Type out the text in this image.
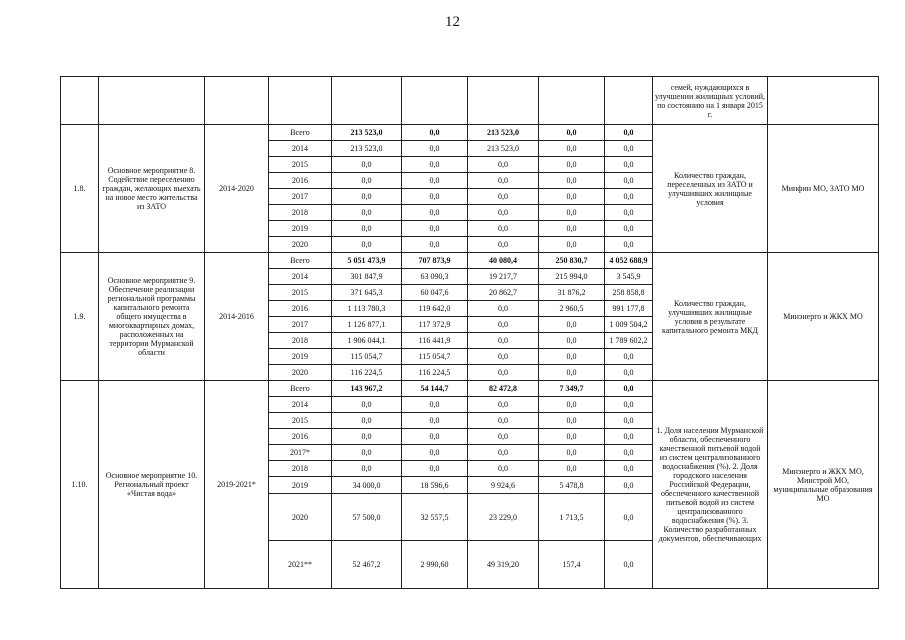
12
									семей, нуждающихся в улучшении жилищных условий, по состоянию на 1 января 2015 г.	
1.8.	Основное мероприятие 8. Содействие переселению граждан, желающих выехать на новое место жительства из ЗАТО	2014-2020	Всего	213 523,0	0,0	213 523,0	0,0	0,0	Количество граждан, переселенных из ЗАТО и улучшивших жилищные условия	Минфин МО, ЗАТО МО
			2014	213 523,0	0,0	213 523,0	0,0	0,0		
			2015	0,0	0,0	0,0	0,0	0,0		
			2016	0,0	0,0	0,0	0,0	0,0		
			2017	0,0	0,0	0,0	0,0	0,0		
			2018	0,0	0,0	0,0	0,0	0,0		
			2019	0,0	0,0	0,0	0,0	0,0		
			2020	0,0	0,0	0,0	0,0	0,0		
1.9.	Основное мероприятие 9. Обеспечение реализации региональной программы капитального ремонта общего имущества в многоквартирных домах, расположенных на территории Мурманской области	2014-2016	Всего	5 051 473,9	707 873,9	40 080,4	250 830,7	4 052 688,9	Количество граждан, улучшивших жилищные условия в результате капитального ремонта МКД	Минэнерго и ЖКХ МО
			2014	301 847,9	63 090,3	19 217,7	215 994,0	3 545,9		
			2015	371 645,3	60 047,6	20 862,7	31 876,2	258 858,8		
			2016	1 113 780,3	119 642,0	0,0	2 960,5	991 177,8		
			2017	1 126 877,1	117 372,9	0,0	0,0	1 009 504,2		
			2018	1 906 044,1	116 441,9	0,0	0,0	1 789 602,2		
			2019	115 054,7	115 054,7	0,0	0,0	0,0		
			2020	116 224,5	116 224,5	0,0	0,0	0,0		
1.10.	Основное мероприятие 10. Региональный проект «Чистая вода»	2019-2021*	Всего	143 967,2	54 144,7	82 472,8	7 349,7	0,0	1. Доля населения Мурманской области, обеспеченного качественной питьевой водой из систем централизованного водоснабжения (%). 2. Доля городского населения Российской Федерации, обеспеченного качественной питьевой водой из систем централизованного водоснабжения (%). 3. Количество разработанных документов, обеспечивающих	Минэнерго и ЖКХ МО, Минстрой МО, муниципальные образования МО
			2014	0,0	0,0	0,0	0,0	0,0		
			2015	0,0	0,0	0,0	0,0	0,0		
			2016	0,0	0,0	0,0	0,0	0,0		
			2017*	0,0	0,0	0,0	0,0	0,0		
			2018	0,0	0,0	0,0	0,0	0,0		
			2019	34 000,0	18 596,6	9 924,6	5 478,8	0,0		
			2020	57 500,0	32 557,5	23 229,0	1 713,5	0,0		
			2021**	52 467,2	2 990,60	49 319,20	157,4	0,0		
